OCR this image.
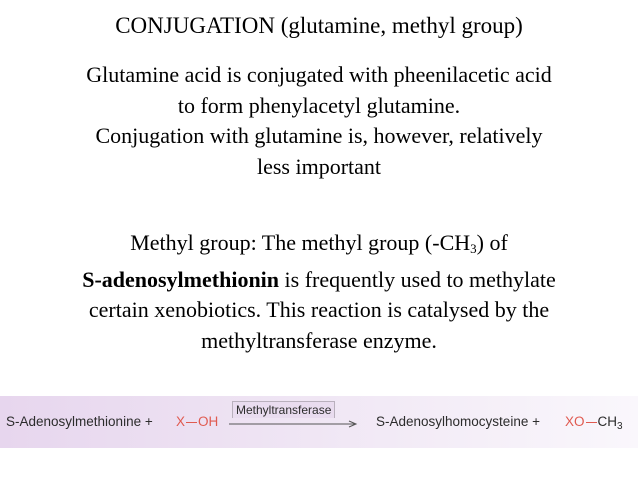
CONJUGATION (glutamine, methyl group)
Glutamine acid is conjugated with pheenilacetic acid
to form phenylacetyl glutamine.
Conjugation with glutamine is, however, relatively
less important
Methyl group: The methyl group $(-CH_3)$ of
S-adenosylmethionin is frequently used to methylate
certain xenobiotics. This reaction is catalysed by the
methyltransferase enzyme.
S-Adenosylmethionine + X OH
Methyltransferase
S-Adenosylhomocysteine + XO $CH_3$
